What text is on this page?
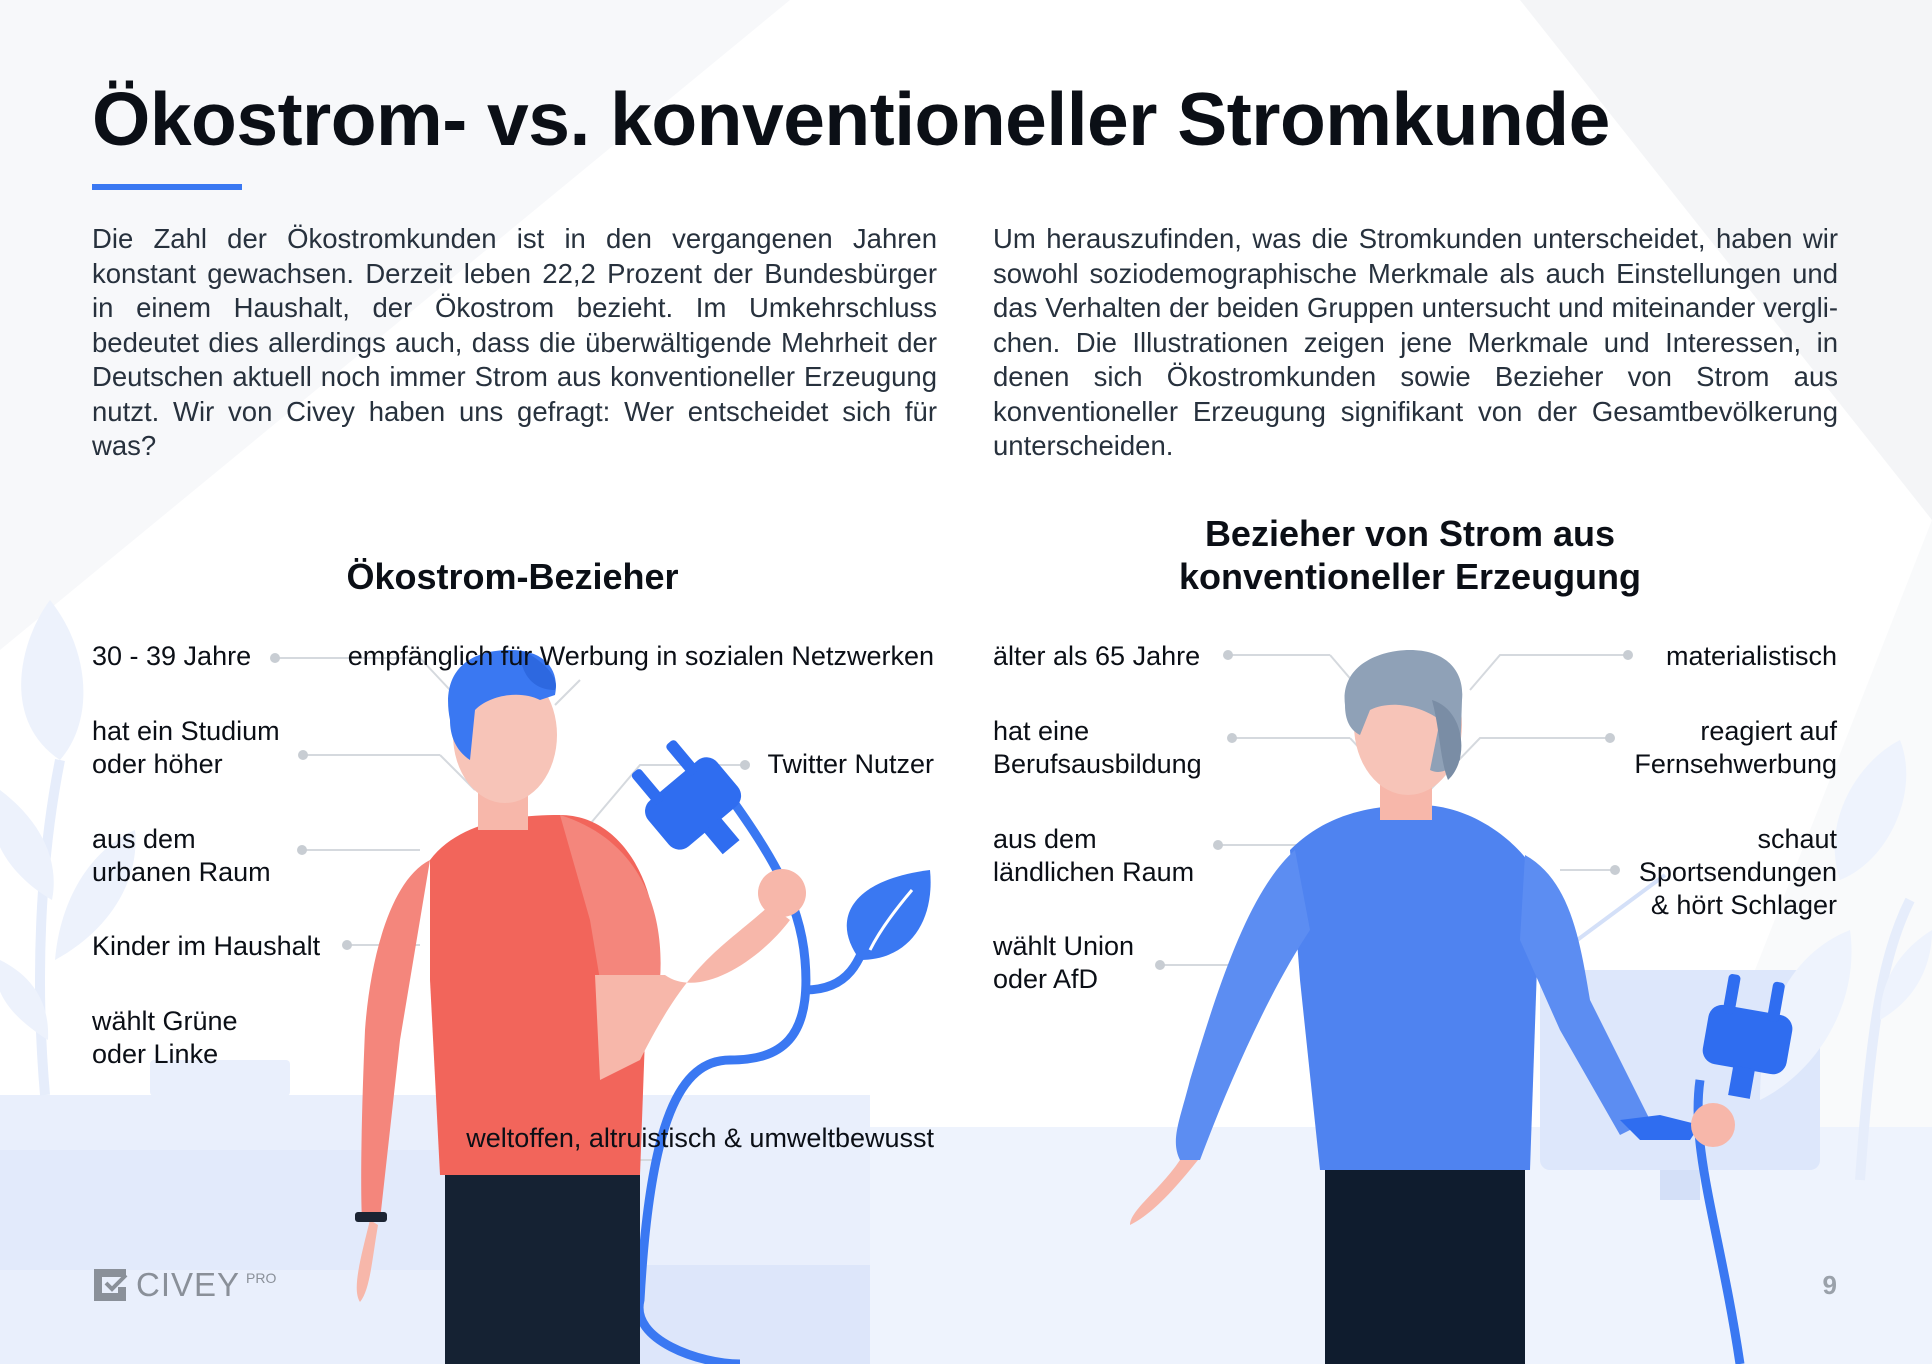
Ökostrom- vs. konventioneller Stromkunde

Die Zahl der Ökostromkunden ist in den vergangenen Jahren konstant gewachsen. Derzeit leben 22,2 Prozent der Bundesbürger in einem Haushalt, der Ökostrom bezieht. Im Umkehrschluss bedeutet dies allerdings auch, dass die überwältigende Mehrheit der Deutschen aktuell noch immer Strom aus konventioneller Erzeugung nutzt. Wir von Civey haben uns gefragt: Wer entscheidet sich für was?

Um herauszufinden, was die Stromkunden unterscheidet, haben wir sowohl soziodemographische Merkmale als auch Einstellungen und das Verhalten der beiden Gruppen untersucht und miteinander verglichen. Die Illustrationen zeigen jene Merkmale und Interessen, in denen sich Ökostromkunden sowie Bezieher von Strom aus konventioneller Erzeugung signifikant von der Gesamtbevölkerung unterscheiden.

Ökostrom-Bezieher

30 - 39 Jahre

hat ein Studium
oder höher

aus dem
urbanen Raum

Kinder im Haushalt

wählt Grüne
oder Linke

empfänglich für Werbung in sozialen Netzwerken

Twitter Nutzer

weltoffen, altruistisch & umweltbewusst

Bezieher von Strom aus
konventioneller Erzeugung

älter als 65 Jahre

hat eine
Berufsausbildung

aus dem
ländlichen Raum

wählt Union
oder AfD

materialistisch

reagiert auf
Fernsehwerbung

schaut
Sportsendungen
& hört Schlager

CIVEY PRO	9
